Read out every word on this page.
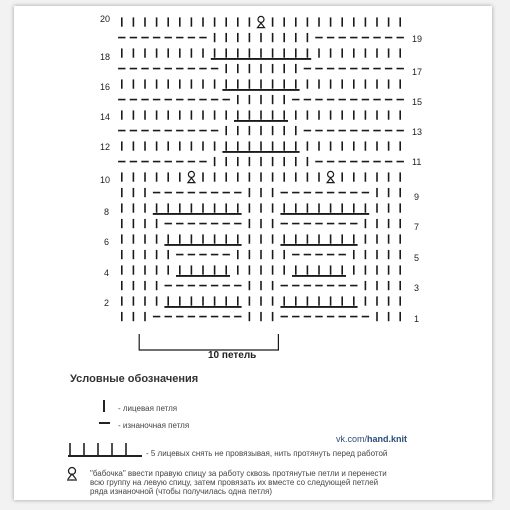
20
18
16
14
12
10
8
6
4
2
19
17
15
13
11
9
7
5
3
1
10 петель
Условные обозначения
- лицевая петля
- изнаночная петля
- 5 лицевых снять не провязывая, нить протянуть перед работой
"бабочка" ввести правую спицу за работу сквозь протянутые петли и перенести
всю группу на левую спицу, затем провязать их вместе со следующей петлей
ряда изнаночной (чтобы получилась одна петля)
vk.com/hand.knit
